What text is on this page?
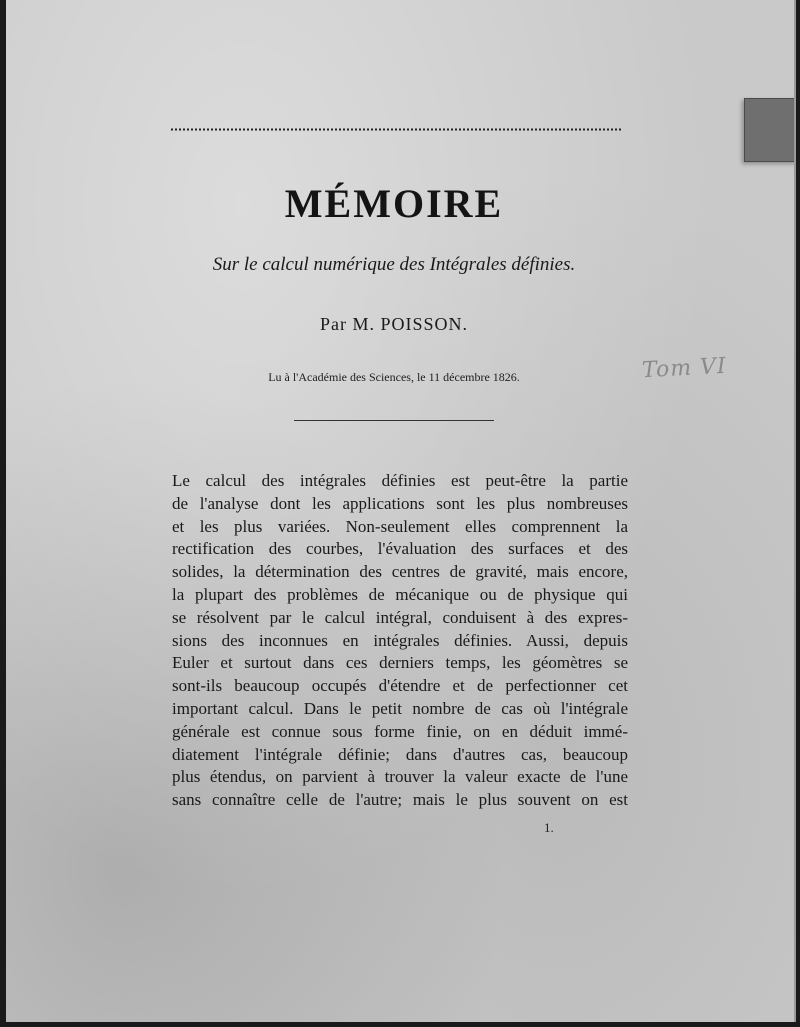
MÉMOIRE
Sur le calcul numérique des Intégrales définies.
Par M. POISSON.
Lu à l'Académie des Sciences, le 11 décembre 1826.	Tom VI
Le calcul des intégrales définies est peut-être la partie
de l'analyse dont les applications sont les plus nombreuses
et les plus variées. Non-seulement elles comprennent la
rectification des courbes, l'évaluation des surfaces et des
solides, la détermination des centres de gravité, mais encore,
la plupart des problèmes de mécanique ou de physique qui
se résolvent par le calcul intégral, conduisent à des expres-
sions des inconnues en intégrales définies. Aussi, depuis
Euler et surtout dans ces derniers temps, les géomètres se
sont-ils beaucoup occupés d'étendre et de perfectionner cet
important calcul. Dans le petit nombre de cas où l'intégrale
générale est connue sous forme finie, on en déduit immé-
diatement l'intégrale définie; dans d'autres cas, beaucoup
plus étendus, on parvient à trouver la valeur exacte de l'une
sans connaître celle de l'autre; mais le plus souvent on est
1.
